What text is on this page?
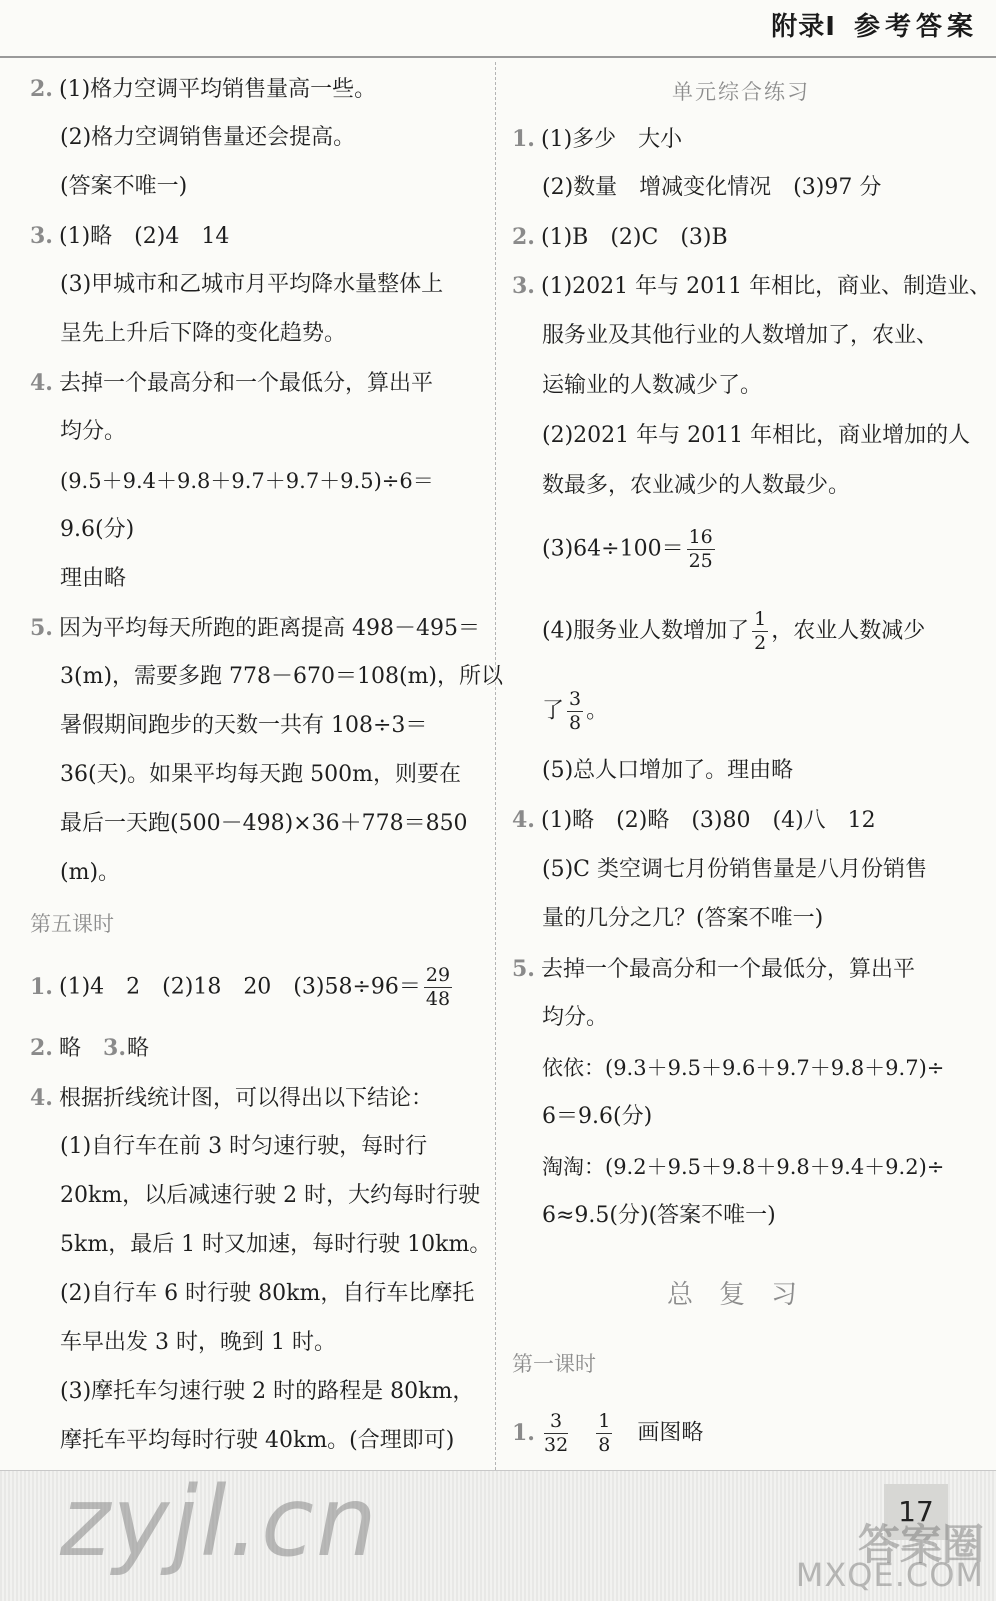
附录Ⅰ 参考答案
2. (1)格力空调平均销售量高一些。
(2)格力空调销售量还会提高。
(答案不唯一)
3. (1)略　(2)4　14
(3)甲城市和乙城市月平均降水量整体上
呈先上升后下降的变化趋势。
4. 去掉一个最高分和一个最低分，算出平
均分。
(9.5＋9.4＋9.8＋9.7＋9.7＋9.5)÷6＝
9.6(分)
理由略
5. 因为平均每天所跑的距离提高 498－495＝
3(m)，需要多跑 778－670＝108(m)，所以
暑假期间跑步的天数一共有 108÷3＝
36(天)。如果平均每天跑 500m，则要在
最后一天跑(500－498)×36＋778＝850
(m)。
第五课时
1. (1)4　2　(2)18　20　$(3)58\div 96= \frac{29}{48}$
2. 略　 3.略
4. 根据折线统计图，可以得出以下结论：
(1)自行车在前 3 时匀速行驶，每时行
20km，以后减速行驶 2 时，大约每时行驶
5km，最后 1 时又加速，每时行驶 10km。
(2)自行车 6 时行驶 80km，自行车比摩托
车早出发 3 时，晚到 1 时。
(3)摩托车匀速行驶 2 时的路程是 80km，
摩托车平均每时行驶 40km。(合理即可)
单元综合练习
1. (1)多少　大小
(2)数量　增减变化情况　(3)97 分
2. (1)B　(2)C　(3)B
3. (1)2021 年与 2011 年相比，商业、制造业、
服务业及其他行业的人数增加了，农业、
运输业的人数减少了。
(2)2021 年与 2011 年相比，商业增加的人
数最多，农业减少的人数最少。
$(3)64\div 100= \frac{16}{25}$
(4)服务业人数增加了 $\frac{1}{2}$ ，农业人数减少
了 $\frac{3}{8}$ 。
(5)总人口增加了。理由略
4. (1)略　(2)略　(3)80　(4)八　12
(5)C 类空调七月份销售量是八月份销售
量的几分之几？(答案不唯一)
5. 去掉一个最高分和一个最低分，算出平
均分。
依依：(9.3＋9.5＋9.6＋9.7＋9.8＋9.7)÷
6＝9.6(分)
淘淘：(9.2＋9.5＋9.8＋9.8＋9.4＋9.2)÷
6≈9.5(分)(答案不唯一)
总　复　习
第一课时
1. $\frac{3}{32}$
　 $\frac{1}{8}$
　 画图略
zyjl.cn	17
答案圈
MXQE.COM
